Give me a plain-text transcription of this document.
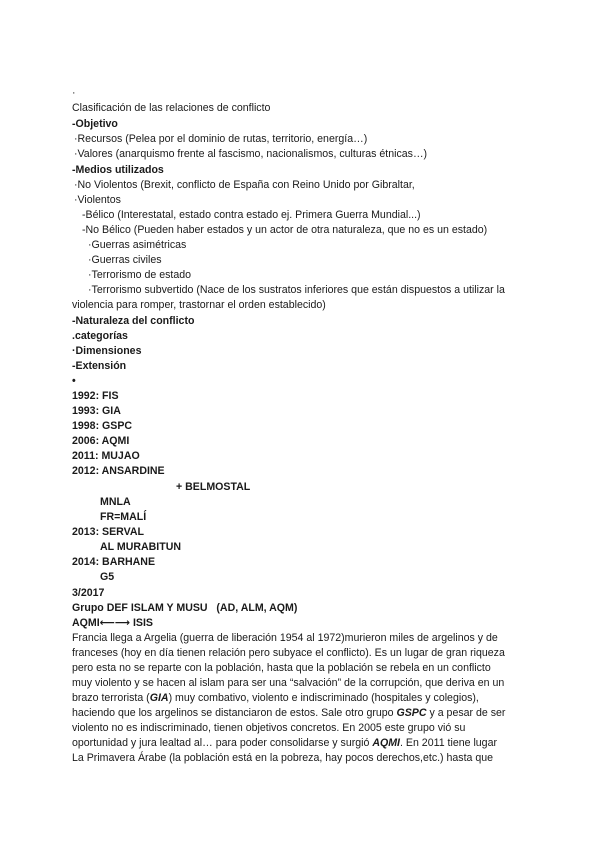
·
Clasificación de las relaciones de conflicto
-Objetivo
·Recursos (Pelea por el dominio de rutas, territorio, energía…)
·Valores (anarquismo frente al fascismo, nacionalismos, culturas étnicas…)
-Medios utilizados
·No Violentos (Brexit, conflicto de España con Reino Unido por Gibraltar,
·Violentos
-Bélico (Interestatal, estado contra estado ej. Primera Guerra Mundial...)
-No Bélico (Pueden haber estados y un actor de otra naturaleza, que no es un estado)
·Guerras asimétricas
·Guerras civiles
·Terrorismo de estado
·Terrorismo subvertido (Nace de los sustratos inferiores que están dispuestos a utilizar la
violencia para romper, trastornar el orden establecido)
-Naturaleza del conflicto
.categorías
·Dimensiones
-Extensión
•
1992: FIS
1993: GIA
1998: GSPC
2006: AQMI
2011: MUJAO
2012: ANSARDINE
+ BELMOSTAL
MNLA
FR=MALÍ
2013: SERVAL
AL MURABITUN
2014: BARHANE
G5
3/2017
Grupo DEF ISLAM Y MUSU   (AD, ALM, AQM)
AQMI⟵⟶ ISIS
Francia llega a Argelia (guerra de liberación 1954 al 1972)murieron miles de argelinos y de
franceses (hoy en día tienen relación pero subyace el conflicto). Es un lugar de gran riqueza
pero esta no se reparte con la población, hasta que la población se rebela en un conflicto
muy violento y se hacen al islam para ser una “salvación” de la corrupción, que deriva en un
brazo terrorista (GIA) muy combativo, violento e indiscriminado (hospitales y colegios),
haciendo que los argelinos se distanciaron de estos. Sale otro grupo GSPC y a pesar de ser
violento no es indiscriminado, tienen objetivos concretos. En 2005 este grupo vió su
oportunidad y jura lealtad al… para poder consolidarse y surgió AQMI. En 2011 tiene lugar
La Primavera Árabe (la población está en la pobreza, hay pocos derechos,etc.) hasta que
